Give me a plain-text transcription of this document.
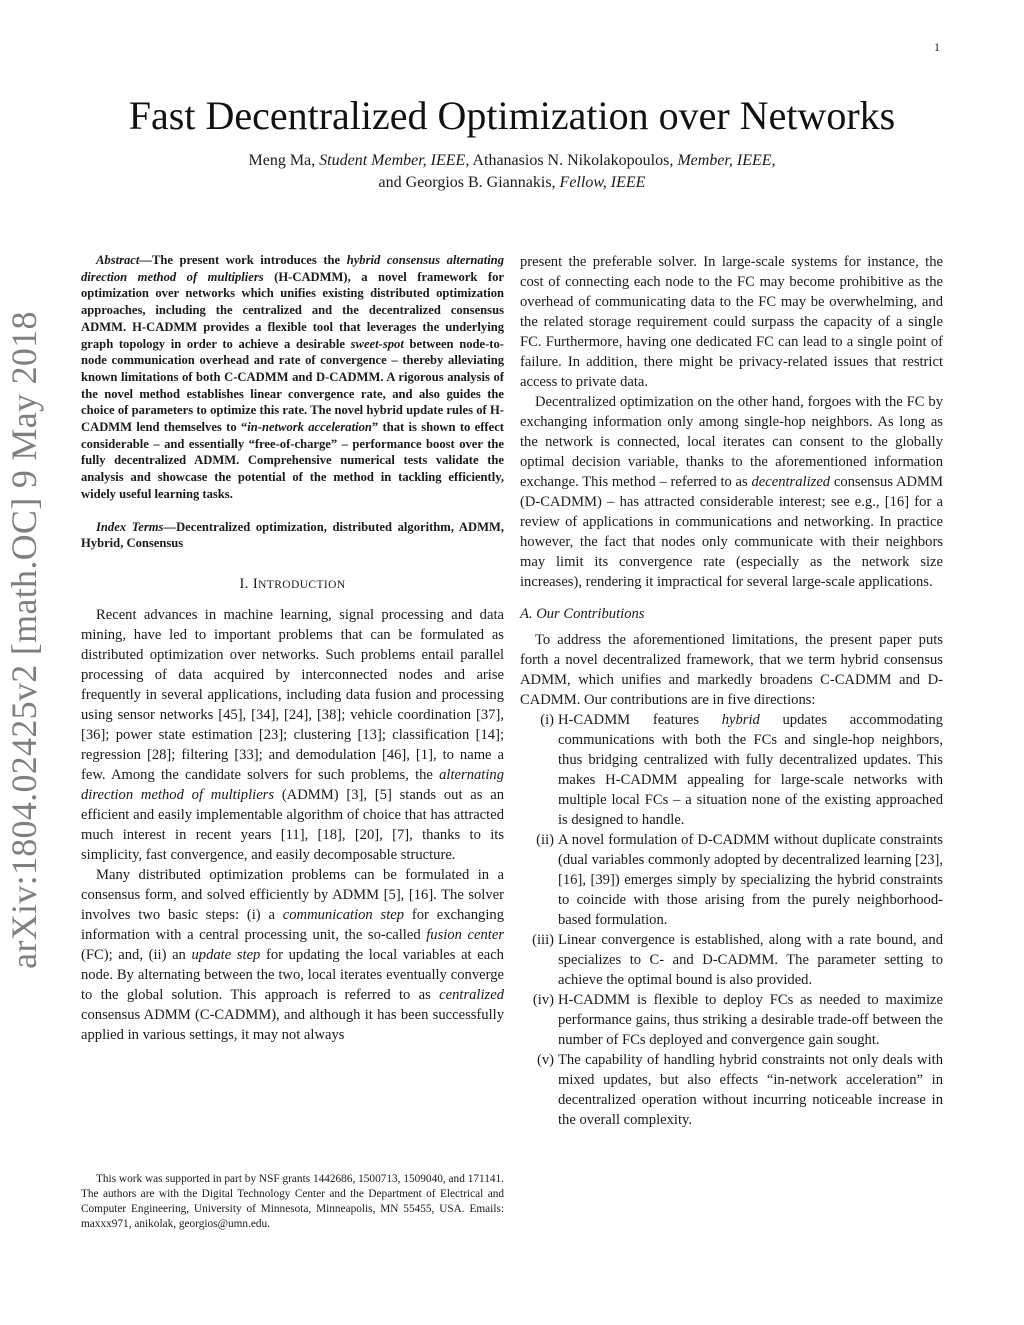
1
arXiv:1804.02425v2 [math.OC] 9 May 2018
Fast Decentralized Optimization over Networks
Meng Ma, Student Member, IEEE, Athanasios N. Nikolakopoulos, Member, IEEE,
and Georgios B. Giannakis, Fellow, IEEE

Abstract—The present work introduces the hybrid consensus alternating direction method of multipliers (H-CADMM), a novel framework for optimization over networks which unifies existing distributed optimization approaches, including the centralized and the decentralized consensus ADMM. H-CADMM provides a flexible tool that leverages the underlying graph topology in order to achieve a desirable sweet-spot between node-to-node communication overhead and rate of convergence – thereby alleviating known limitations of both C-CADMM and D-CADMM. A rigorous analysis of the novel method establishes linear convergence rate, and also guides the choice of parameters to optimize this rate. The novel hybrid update rules of H-CADMM lend themselves to “in-network acceleration” that is shown to effect considerable – and essentially “free-of-charge” – performance boost over the fully decentralized ADMM. Comprehensive numerical tests validate the analysis and showcase the potential of the method in tackling efficiently, widely useful learning tasks.

Index Terms—Decentralized optimization, distributed algorithm, ADMM, Hybrid, Consensus

I. INTRODUCTION

Recent advances in machine learning, signal processing and data mining, have led to important problems that can be formulated as distributed optimization over networks. Such problems entail parallel processing of data acquired by interconnected nodes and arise frequently in several applications, including data fusion and processing using sensor networks [45], [34], [24], [38]; vehicle coordination [37], [36]; power state estimation [23]; clustering [13]; classification [14]; regression [28]; filtering [33]; and demodulation [46], [1], to name a few. Among the candidate solvers for such problems, the alternating direction method of multipliers (ADMM) [3], [5] stands out as an efficient and easily implementable algorithm of choice that has attracted much interest in recent years [11], [18], [20], [7], thanks to its simplicity, fast convergence, and easily decomposable structure.

Many distributed optimization problems can be formulated in a consensus form, and solved efficiently by ADMM [5], [16]. The solver involves two basic steps: (i) a communication step for exchanging information with a central processing unit, the so-called fusion center (FC); and, (ii) an update step for updating the local variables at each node. By alternating between the two, local iterates eventually converge to the global solution. This approach is referred to as centralized consensus ADMM (C-CADMM), and although it has been successfully applied in various settings, it may not always

This work was supported in part by NSF grants 1442686, 1500713, 1509040, and 171141. The authors are with the Digital Technology Center and the Department of Electrical and Computer Engineering, University of Minnesota, Minneapolis, MN 55455, USA. Emails: maxxx971, anikolak, georgios@umn.edu.

present the preferable solver. In large-scale systems for instance, the cost of connecting each node to the FC may become prohibitive as the overhead of communicating data to the FC may be overwhelming, and the related storage requirement could surpass the capacity of a single FC. Furthermore, having one dedicated FC can lead to a single point of failure. In addition, there might be privacy-related issues that restrict access to private data.

Decentralized optimization on the other hand, forgoes with the FC by exchanging information only among single-hop neighbors. As long as the network is connected, local iterates can consent to the globally optimal decision variable, thanks to the aforementioned information exchange. This method – referred to as decentralized consensus ADMM (D-CADMM) – has attracted considerable interest; see e.g., [16] for a review of applications in communications and networking. In practice however, the fact that nodes only communicate with their neighbors may limit its convergence rate (especially as the network size increases), rendering it impractical for several large-scale applications.

A. Our Contributions

To address the aforementioned limitations, the present paper puts forth a novel decentralized framework, that we term hybrid consensus ADMM, which unifies and markedly broadens C-CADMM and D-CADMM. Our contributions are in five directions:

(i) H-CADMM features hybrid updates accommodating communications with both the FCs and single-hop neighbors, thus bridging centralized with fully decentralized updates. This makes H-CADMM appealing for large-scale networks with multiple local FCs – a situation none of the existing approached is designed to handle.
(ii) A novel formulation of D-CADMM without duplicate constraints (dual variables commonly adopted by decentralized learning [23], [16], [39]) emerges simply by specializing the hybrid constraints to coincide with those arising from the purely neighborhood-based formulation.
(iii) Linear convergence is established, along with a rate bound, and specializes to C- and D-CADMM. The parameter setting to achieve the optimal bound is also provided.
(iv) H-CADMM is flexible to deploy FCs as needed to maximize performance gains, thus striking a desirable trade-off between the number of FCs deployed and convergence gain sought.
(v) The capability of handling hybrid constraints not only deals with mixed updates, but also effects “in-network acceleration” in decentralized operation without incurring noticeable increase in the overall complexity.
